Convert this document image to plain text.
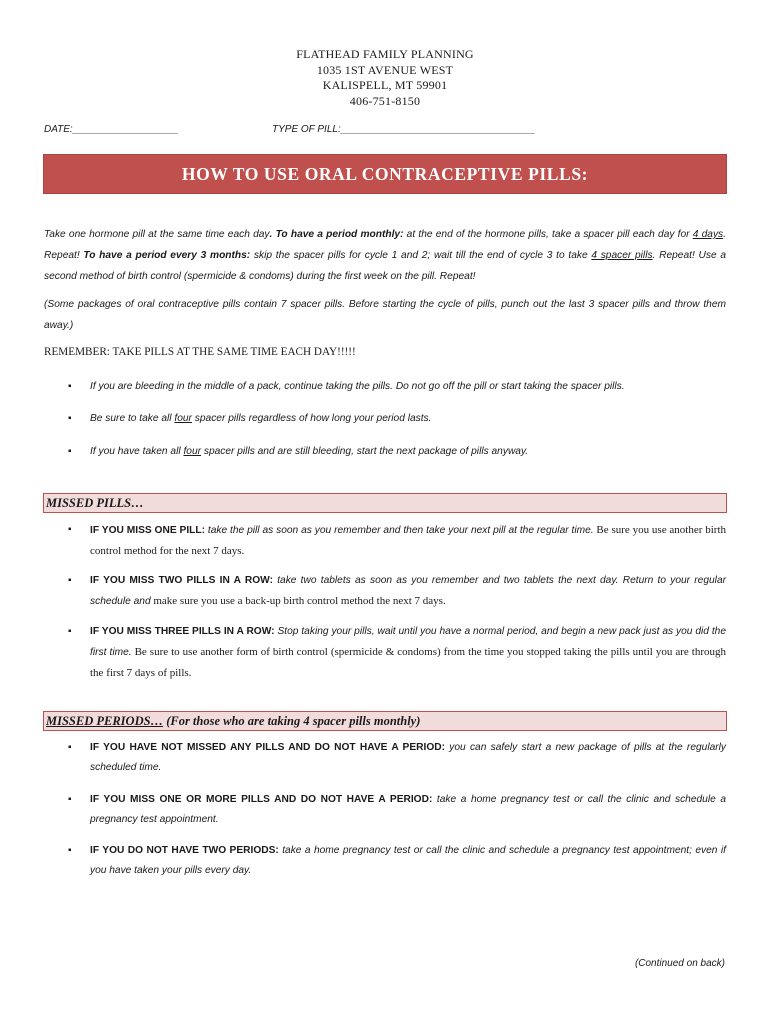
FLATHEAD FAMILY PLANNING
1035 1ST AVENUE WEST
KALISPELL, MT 59901
406-751-8150
DATE:___________________	TYPE OF PILL:___________________________________
HOW TO USE ORAL CONTRACEPTIVE PILLS:
Take one hormone pill at the same time each day. To have a period monthly: at the end of the hormone pills, take a spacer pill each day for 4 days. Repeat! To have a period every 3 months: skip the spacer pills for cycle 1 and 2; wait till the end of cycle 3 to take 4 spacer pills. Repeat! Use a second method of birth control (spermicide & condoms) during the first week on the pill. Repeat!
(Some packages of oral contraceptive pills contain 7 spacer pills. Before starting the cycle of pills, punch out the last 3 spacer pills and throw them away.)
REMEMBER: TAKE PILLS AT THE SAME TIME EACH DAY!!!!!
▪	If you are bleeding in the middle of a pack, continue taking the pills. Do not go off the pill or start taking the spacer pills.
▪	Be sure to take all four spacer pills regardless of how long your period lasts.
▪	If you have taken all four spacer pills and are still bleeding, start the next package of pills anyway.
MISSED PILLS…
▪	IF YOU MISS ONE PILL: take the pill as soon as you remember and then take your next pill at the regular time. Be sure you use another birth control method for the next 7 days.
▪	IF YOU MISS TWO PILLS IN A ROW: take two tablets as soon as you remember and two tablets the next day. Return to your regular schedule and make sure you use a back-up birth control method the next 7 days.
▪	IF YOU MISS THREE PILLS IN A ROW: Stop taking your pills, wait until you have a normal period, and begin a new pack just as you did the first time. Be sure to use another form of birth control (spermicide & condoms) from the time you stopped taking the pills until you are through the first 7 days of pills.
MISSED PERIODS… (For those who are taking 4 spacer pills monthly)
▪	IF YOU HAVE NOT MISSED ANY PILLS AND DO NOT HAVE A PERIOD: you can safely start a new package of pills at the regularly scheduled time.
▪	IF YOU MISS ONE OR MORE PILLS AND DO NOT HAVE A PERIOD: take a home pregnancy test or call the clinic and schedule a pregnancy test appointment.
▪	IF YOU DO NOT HAVE TWO PERIODS: take a home pregnancy test or call the clinic and schedule a pregnancy test appointment; even if you have taken your pills every day.
(Continued on back)
